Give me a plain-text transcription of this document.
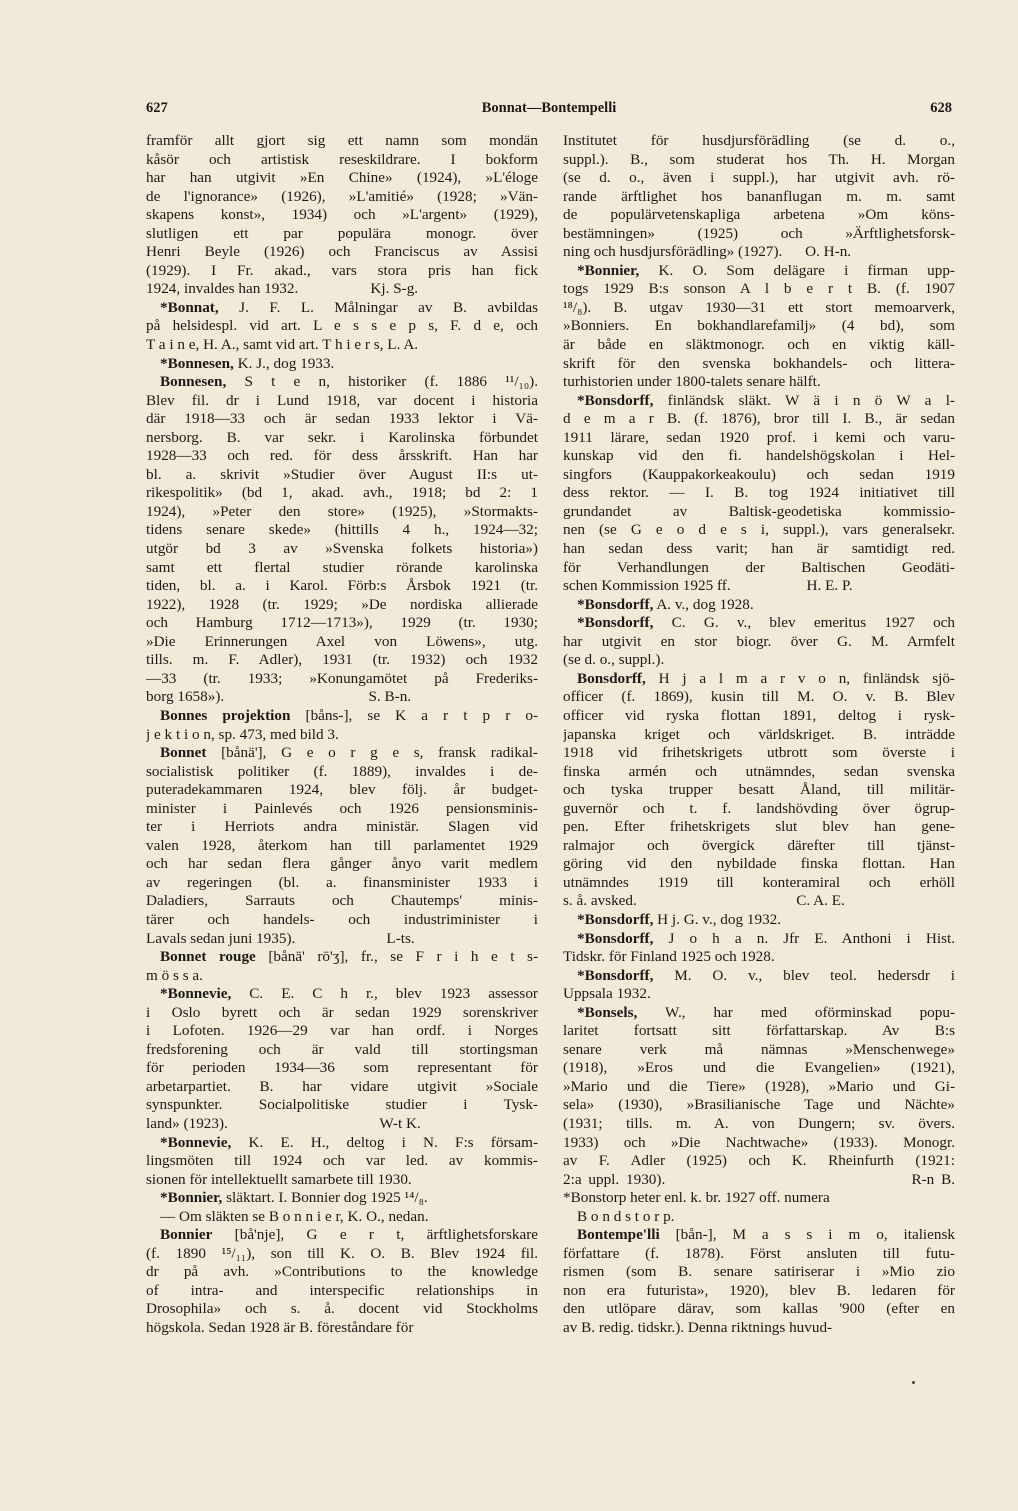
627	Bonnat—Bontempelli	628
framför allt gjort sig ett namn som mondän
kåsör och artistisk reseskildrare. I bokform
har han utgivit »En Chine» (1924), »L'éloge
de l'ignorance» (1926), »L'amitié» (1928; »Vän-
skapens konst», 1934) och »L'argent» (1929),
slutligen ett par populära monogr. över
Henri Beyle (1926) och Franciscus av Assisi
(1929). I Fr. akad., vars stora pris han fick
1924, invaldes han 1932.                   Kj. S-g.
*Bonnat, J. F. L. Målningar av B. avbildas
på helsidespl. vid art. L e s s e p s, F. d e, och
T a i n e, H. A., samt vid art. T h i e r s, L. A.
*Bonnesen, K. J., dog 1933.
Bonnesen, S t e n, historiker (f. 1886 ¹¹/₁₀).
Blev fil. dr i Lund 1918, var docent i historia
där 1918—33 och är sedan 1933 lektor i Vä-
nersborg. B. var sekr. i Karolinska förbundet
1928—33 och red. för dess årsskrift. Han har
bl. a. skrivit »Studier över August II:s ut-
rikespolitik» (bd 1, akad. avh., 1918; bd 2: 1
1924), »Peter den store» (1925), »Stormakts-
tidens senare skede» (hittills 4 h., 1924—32;
utgör bd 3 av »Svenska folkets historia»)
samt ett flertal studier rörande karolinska
tiden, bl. a. i Karol. Förb:s Årsbok 1921 (tr.
1922), 1928 (tr. 1929; »De nordiska allierade
och Hamburg 1712—1713»), 1929 (tr. 1930;
»Die Erinnerungen Axel von Löwens», utg.
tills. m. F. Adler), 1931 (tr. 1932) och 1932
—33 (tr. 1933; »Konungamötet på Frederiks-
borg 1658»).                                      S. B-n.
Bonnes projektion [båns-], se K a r t p r o-
j e k t i o n, sp. 473, med bild 3.
Bonnet [bånä'], G e o r g e s, fransk radikal-
socialistisk politiker (f. 1889), invaldes i de-
puteradekammaren 1924, blev följ. år budget-
minister i Painlevés och 1926 pensionsminis-
ter i Herriots andra ministär. Slagen vid
valen 1928, återkom han till parlamentet 1929
och har sedan flera gånger ånyo varit medlem
av regeringen (bl. a. finansminister 1933 i
Daladiers, Sarrauts och Chautemps' minis-
tärer och handels- och industriminister i
Lavals sedan juni 1935).                        L-ts.
Bonnet rouge [bånä' rō'ʒ], fr., se F r i h e t s-
m ö s s a.
*Bonnevie, C. E. C h r., blev 1923 assessor
i Oslo byrett och är sedan 1929 sorenskriver
i Lofoten. 1926—29 var han ordf. i Norges
fredsforening och är vald till stortingsman
för perioden 1934—36 som representant för
arbetarpartiet. B. har vidare utgivit »Sociale
synspunkter. Socialpolitiske studier i Tysk-
land» (1923).                                        W-t K.
*Bonnevie, K. E. H., deltog i N. F:s försam-
lingsmöten till 1924 och var led. av kommis-
sionen för intellektuellt samarbete till 1930.
*Bonnier, släktart. I. Bonnier dog 1925 ¹⁴/₈.
— Om släkten se B o n n i e r, K. O., nedan.
Bonnier [bå'nje], G e r t, ärftlighetsforskare
(f. 1890 ¹⁵/₁₁), son till K. O. B. Blev 1924 fil.
dr på avh. »Contributions to the knowledge
of intra- and interspecific relationships in
Drosophila» och s. å. docent vid Stockholms
högskola. Sedan 1928 är B. föreståndare för
Institutet för husdjursförädling (se d. o.,
suppl.). B., som studerat hos Th. H. Morgan
(se d. o., även i suppl.), har utgivit avh. rö-
rande ärftlighet hos bananflugan m. m. samt
de populärvetenskapliga arbetena »Om köns-
bestämningen» (1925) och »Ärftlighetsforsk-
ning och husdjursförädling» (1927).      O. H-n.
*Bonnier, K. O. Som delägare i firman upp-
togs 1929 B:s sonson A l b e r t B. (f. 1907
¹⁸/₈). B. utgav 1930—31 ett stort memoarverk,
»Bonniers. En bokhandlarefamilj» (4 bd), som
är både en släktmonogr. och en viktig käll-
skrift för den svenska bokhandels- och littera-
turhistorien under 1800-talets senare hälft.
*Bonsdorff, finländsk släkt. W ä i n ö W a l-
d e m a r B. (f. 1876), bror till I. B., är sedan
1911 lärare, sedan 1920 prof. i kemi och varu-
kunskap vid den fi. handelshögskolan i Hel-
singfors (Kauppakorkeakoulu) och sedan 1919
dess rektor. — I. B. tog 1924 initiativet till
grundandet av Baltisk-geodetiska kommissio-
nen (se G e o d e s i, suppl.), vars generalsekr.
han sedan dess varit; han är samtidigt red.
för Verhandlungen der Baltischen Geodäti-
schen Kommission 1925 ff.                    H. E. P.
*Bonsdorff, A. v., dog 1928.
*Bonsdorff, C. G. v., blev emeritus 1927 och
har utgivit en stor biogr. över G. M. Armfelt
(se d. o., suppl.).
Bonsdorff, H j a l m a r v o n, finländsk sjö-
officer (f. 1869), kusin till M. O. v. B. Blev
officer vid ryska flottan 1891, deltog i rysk-
japanska kriget och världskriget. B. inträdde
1918 vid frihetskrigets utbrott som överste i
finska armén och utnämndes, sedan svenska
och tyska trupper besatt Åland, till militär-
guvernör och t. f. landshövding över ögrup-
pen. Efter frihetskrigets slut blev han gene-
ralmajor och övergick därefter till tjänst-
göring vid den nybildade finska flottan. Han
utnämndes 1919 till konteramiral och erhöll
s. å. avsked.                                          C. A. E.
*Bonsdorff, H j. G. v., dog 1932.
*Bonsdorff, J o h a n. Jfr E. Anthoni i Hist.
Tidskr. för Finland 1925 och 1928.
*Bonsdorff, M. O. v., blev teol. hedersdr i
Uppsala 1932.
*Bonsels, W., har med oförminskad popu-
laritet fortsatt sitt författarskap. Av B:s
senare verk må nämnas »Menschenwege»
(1918), »Eros und die Evangelien» (1921),
»Mario und die Tiere» (1928), »Mario und Gi-
sela» (1930), »Brasilianische Tage und Nächte»
(1931; tills. m. A. von Dungern; sv. övers.
1933) och »Die Nachtwache» (1933). Monogr.
av F. Adler (1925) och K. Rheinfurth (1921:
2:a uppl. 1930).                                    R-n B.
*Bonstorp heter enl. k. br. 1927 off. numera
B o n d s t o r p.
Bontempe'lli [bån-], M a s s i m o, italiensk
författare (f. 1878). Först ansluten till futu-
rismen (som B. senare satiriserar i »Mio zio
non era futurista», 1920), blev B. ledaren för
den utlöpare därav, som kallas '900 (efter en
av B. redig. tidskr.). Denna riktnings huvud-
